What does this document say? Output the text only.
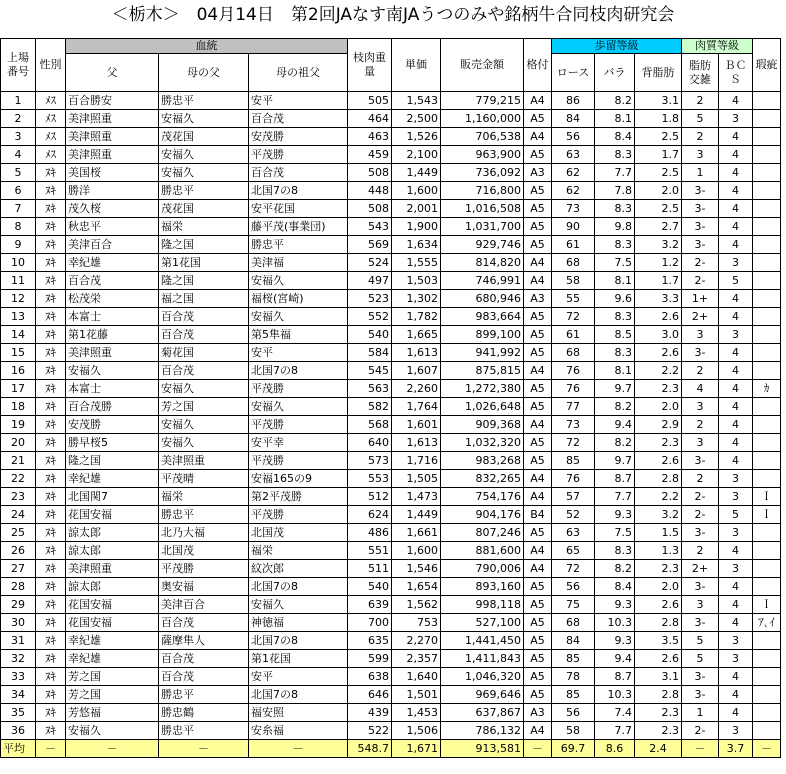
＜栃木＞　04月14日　第2回JAなす南JAうつのみや銘柄牛合同枝肉研究会
上場番号	性別	血統			枝肉重量	単価	販売金額	格付	歩留等級			肉質等級		瑕疵
		父	母の父	母の祖父					ロース	バラ	背脂肪	脂肪交雑	ＢＣＳ	
1	ﾒｽ	百合勝安	勝忠平	安平	505	1,543	779,215	A4	86	8.2	3.1	2	4	
2	ﾒｽ	美津照重	安福久	百合茂	464	2,500	1,160,000	A5	84	8.1	1.8	5	3	
3	ﾒｽ	美津照重	茂花国	安茂勝	463	1,526	706,538	A4	56	8.4	2.5	2	4	
4	ﾒｽ	美津照重	安福久	平茂勝	459	2,100	963,900	A5	63	8.3	1.7	3	4	
5	ﾇｷ	美国桜	安福久	百合茂	508	1,449	736,092	A3	62	7.7	2.5	1	4	
6	ﾇｷ	勝洋	勝忠平	北国7の8	448	1,600	716,800	A5	62	7.8	2.0	3-	4	
7	ﾇｷ	茂久桜	茂花国	安平花国	508	2,001	1,016,508	A5	73	8.3	2.5	3-	4	
8	ﾇｷ	秋忠平	福栄	藤平茂(事業団)	543	1,900	1,031,700	A5	90	9.8	2.7	3-	4	
9	ﾇｷ	美津百合	隆之国	勝忠平	569	1,634	929,746	A5	61	8.3	3.2	3-	4	
10	ﾇｷ	幸紀雄	第1花国	美津福	524	1,555	814,820	A4	68	7.5	1.2	2-	3	
11	ﾇｷ	百合茂	隆之国	安福久	497	1,503	746,991	A4	58	8.1	1.7	2-	5	
12	ﾇｷ	松茂栄	福之国	福桜(宮崎)	523	1,302	680,946	A3	55	9.6	3.3	1+	4	
13	ﾇｷ	本富士	百合茂	安福久	552	1,782	983,664	A5	72	8.3	2.6	2+	4	
14	ﾇｷ	第1花藤	百合茂	第5隼福	540	1,665	899,100	A5	61	8.5	3.0	3	3	
15	ﾇｷ	美津照重	菊花国	安平	584	1,613	941,992	A5	68	8.3	2.6	3-	4	
16	ﾇｷ	安福久	百合茂	北国7の8	545	1,607	875,815	A4	76	8.1	2.2	2	4	
17	ﾇｷ	本富士	安福久	平茂勝	563	2,260	1,272,380	A5	76	9.7	2.3	4	4	ｶ
18	ﾇｷ	百合茂勝	芳之国	安福久	582	1,764	1,026,648	A5	77	8.2	2.0	3	4	
19	ﾇｷ	安茂勝	安福久	平茂勝	568	1,601	909,368	A4	73	9.4	2.9	2	4	
20	ﾇｷ	勝早桜5	安福久	安平幸	640	1,613	1,032,320	A5	72	8.2	2.3	3	4	
21	ﾇｷ	隆之国	美津照重	平茂勝	573	1,716	983,268	A5	85	9.7	2.6	3-	4	
22	ﾇｷ	幸紀雄	平茂晴	安福165の9	553	1,505	832,265	A4	76	8.7	2.8	2	3	
23	ﾇｷ	北国関7	福栄	第2平茂勝	512	1,473	754,176	A4	57	7.7	2.2	2-	3	Ｉ
24	ﾇｷ	花国安福	勝忠平	平茂勝	624	1,449	904,176	B4	52	9.3	3.2	2-	5	Ｉ
25	ﾇｷ	諒太郎	北乃大福	北国茂	486	1,661	807,246	A5	63	7.5	1.5	3-	3	
26	ﾇｷ	諒太郎	北国茂	福栄	551	1,600	881,600	A4	65	8.3	1.3	2	4	
27	ﾇｷ	美津照重	平茂勝	紋次郎	511	1,546	790,006	A4	72	8.2	2.3	2+	3	
28	ﾇｷ	諒太郎	奥安福	北国7の8	540	1,654	893,160	A5	56	8.4	2.0	3-	4	
29	ﾇｷ	花国安福	美津百合	安福久	639	1,562	998,118	A5	75	9.3	2.6	3	4	Ｉ
30	ﾇｷ	花国安福	百合茂	神徳福	700	753	527,100	A5	68	10.3	2.8	3-	4	ｱ､ｲ
31	ﾇｷ	幸紀雄	薩摩隼人	北国7の8	635	2,270	1,441,450	A5	84	9.3	3.5	5	3	
32	ﾇｷ	幸紀雄	百合茂	第1花国	599	2,357	1,411,843	A5	85	9.4	2.6	5	3	
33	ﾇｷ	芳之国	百合茂	安平	638	1,640	1,046,320	A5	78	8.7	3.1	3-	4	
34	ﾇｷ	芳之国	勝忠平	北国7の8	646	1,501	969,646	A5	85	10.3	2.8	3-	4	
35	ﾇｷ	芳悠福	勝忠鶴	福安照	439	1,453	637,867	A3	56	7.4	2.3	1	4	
36	ﾇｷ	安福久	勝忠平	安糸福	522	1,506	786,132	A4	58	7.7	2.3	2-	3	
平均	－	－	－	－	548.7	1,671	913,581	－	69.7	8.6	2.4	－	3.7	－
